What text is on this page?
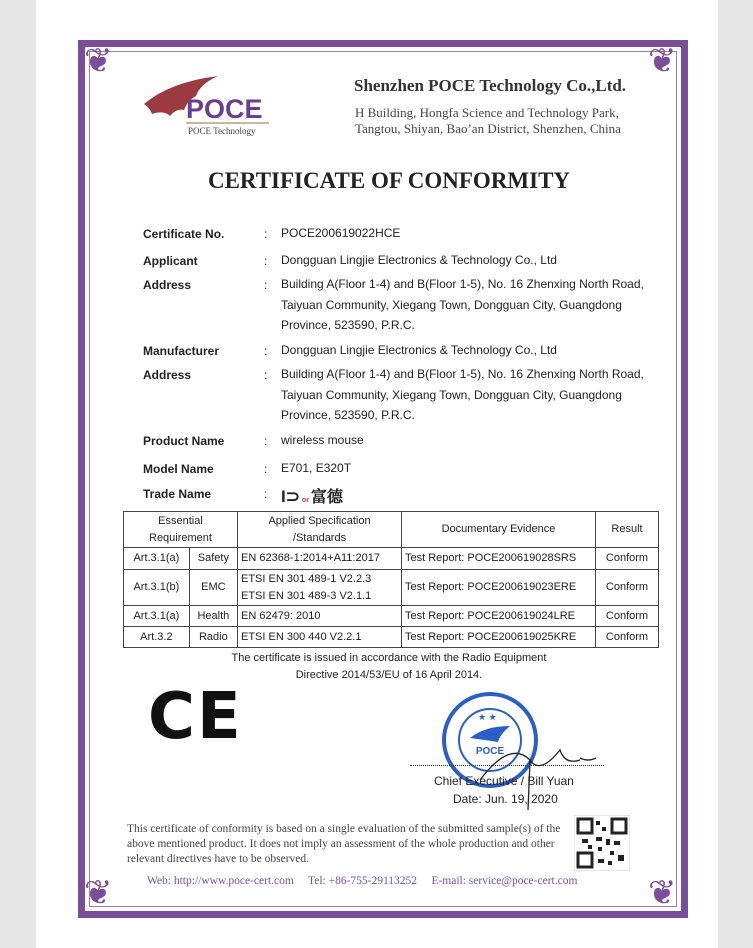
❦	❦
❦	❦
POCE
POCE Technology
Shenzhen POCE Technology Co.,Ltd.
H Building, Hongfa Science and Technology Park,
Tangtou, Shiyan, Bao’an District, Shenzhen, China
CERTIFICATE OF CONFORMITY
Certificate No.	: POCE200619022HCE
Applicant	: Dongguan Lingjie Electronics & Technology Co., Ltd
Address	: Building A(Floor 1-4) and B(Floor 1-5), No. 16 Zhenxing North Road,
Taiyuan Community, Xiegang Town, Dongguan City, Guangdong
Province, 523590, P.R.C.
Manufacturer	: Dongguan Lingjie Electronics & Technology Co., Ltd
Address	: Building A(Floor 1-4) and B(Floor 1-5), No. 16 Zhenxing North Road,
Taiyuan Community, Xiegang Town, Dongguan City, Guangdong
Province, 523590, P.R.C.
Product Name	: wireless mouse
Model Name	: E701, E320T
Trade Name	: I⊃ or 富德
Essential Requirement		Applied Specification /Standards	Documentary Evidence	Result
Art.3.1(a)	Safety	EN 62368-1:2014+A11:2017	Test Report: POCE200619028SRS	Conform
Art.3.1(b)	EMC	ETSI EN 301 489-1 V2.2.3
ETSI EN 301 489-3 V2.1.1	Test Report: POCE200619023ERE	Conform
Art.3.1(a)	Health	EN 62479: 2010	Test Report: POCE200619024LRE	Conform
Art.3.2	Radio	ETSI EN 300 440 V2.2.1	Test Report: POCE200619025KRE	Conform
The certificate is issued in accordance with the Radio Equipment
Directive 2014/53/EU of 16 April 2014.
CE	POCE
★ ★
Chief Executive / Bill Yuan
Date: Jun. 19, 2020
This certificate of conformity is based on a single evaluation of the submitted sample(s) of the above mentioned product. It does not imply an assessment of the whole production and other relevant directives have to be observed.
Web: http://www.poce-cert.com Tel: +86-755-29113252 E-mail: service@poce-cert.com
